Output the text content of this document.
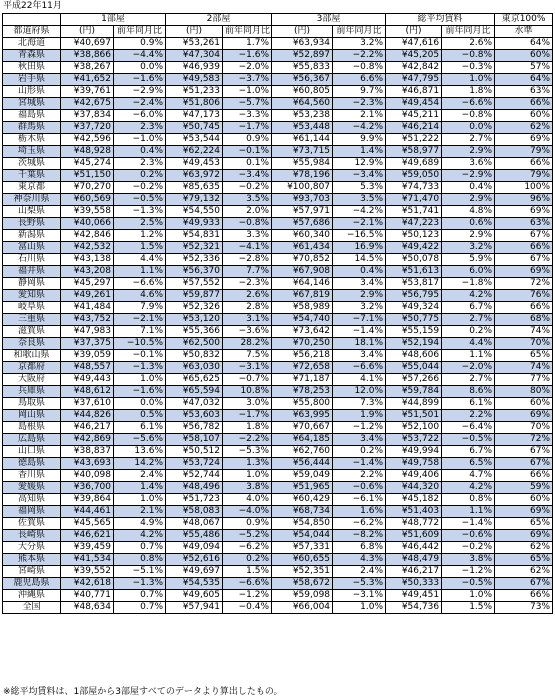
平成22年11月
	1部屋		2部屋		3部屋		総平均賃料		東京100%
都道府県	(円)	前年同月比	(円)	前年同月比	(円)	前年同月比	(円)	前年同月比	水準
北海道	¥40,697	0.9%	¥53,261	1.7%	¥63,934	3.2%	¥47,616	2.6%	64%
青森県	¥38,866	−4.4%	¥47,304	−1.6%	¥52,897	−2.2%	¥45,205	−0.8%	60%
秋田県	¥38,267	0.0%	¥46,939	−2.0%	¥55,833	−0.8%	¥42,842	−0.3%	57%
岩手県	¥41,652	−1.6%	¥49,583	−3.7%	¥56,367	6.6%	¥47,795	1.0%	64%
山形県	¥39,761	−2.9%	¥51,233	−1.0%	¥60,805	9.7%	¥46,871	1.8%	63%
宮城県	¥42,675	−2.4%	¥51,806	−5.7%	¥64,560	−2.3%	¥49,454	−6.6%	66%
福島県	¥37,834	−6.0%	¥47,173	−3.3%	¥53,238	2.1%	¥45,211	−0.8%	60%
群馬県	¥37,720	2.3%	¥50,745	−1.7%	¥53,448	−4.2%	¥46,214	0.0%	62%
栃木県	¥42,596	−1.0%	¥53,544	0.9%	¥61,144	9.9%	¥51,222	2.7%	69%
埼玉県	¥48,928	0.4%	¥62,224	−0.1%	¥73,715	1.4%	¥58,977	2.9%	79%
茨城県	¥45,274	2.3%	¥49,453	0.1%	¥55,984	12.9%	¥49,689	3.6%	66%
千葉県	¥51,150	0.2%	¥63,972	−3.4%	¥78,196	−3.4%	¥59,050	−2.9%	79%
東京都	¥70,270	−0.2%	¥85,635	−0.2%	¥100,807	5.3%	¥74,733	0.4%	100%
神奈川県	¥60,569	−0.5%	¥79,132	3.5%	¥93,703	3.5%	¥71,470	2.9%	96%
山梨県	¥39,558	−1.3%	¥54,550	2.0%	¥57,971	−4.2%	¥51,741	4.8%	69%
長野県	¥40,066	2.5%	¥49,933	−0.8%	¥57,686	−2.1%	¥47,223	0.6%	63%
新潟県	¥42,846	1.2%	¥54,831	3.3%	¥60,340	−16.5%	¥50,123	2.9%	67%
富山県	¥42,532	1.5%	¥52,321	−4.1%	¥61,434	16.9%	¥49,422	3.2%	66%
石川県	¥43,138	4.4%	¥52,336	−2.8%	¥70,852	14.5%	¥50,078	5.9%	67%
福井県	¥43,208	1.1%	¥56,370	7.7%	¥67,908	0.4%	¥51,613	6.0%	69%
静岡県	¥45,297	−6.6%	¥57,552	−2.3%	¥64,146	3.4%	¥53,817	−1.8%	72%
愛知県	¥49,261	4.6%	¥59,877	2.6%	¥67,819	2.9%	¥56,795	4.2%	76%
岐阜県	¥41,484	7.9%	¥52,326	2.8%	¥58,989	3.2%	¥49,324	6.7%	66%
三重県	¥43,752	−2.1%	¥53,120	3.1%	¥54,740	−7.1%	¥50,775	2.7%	68%
滋賀県	¥47,983	7.1%	¥55,366	−3.6%	¥73,642	−1.4%	¥55,159	0.2%	74%
奈良県	¥37,375	−10.5%	¥62,500	28.2%	¥70,250	18.1%	¥52,194	4.4%	70%
和歌山県	¥39,059	−0.1%	¥50,832	7.5%	¥56,218	3.4%	¥48,606	1.1%	65%
京都府	¥48,557	−1.3%	¥63,030	−3.1%	¥72,658	−6.6%	¥55,044	−2.0%	74%
大阪府	¥49,443	1.0%	¥65,625	−0.7%	¥71,187	4.1%	¥57,266	2.7%	77%
兵庫県	¥48,612	−1.6%	¥65,594	10.8%	¥78,253	12.0%	¥59,784	8.6%	80%
鳥取県	¥37,610	0.0%	¥47,032	3.0%	¥55,800	7.3%	¥44,899	6.1%	60%
岡山県	¥44,826	0.5%	¥53,603	−1.7%	¥63,995	1.9%	¥51,501	2.2%	69%
島根県	¥46,217	6.1%	¥56,782	1.8%	¥70,667	−1.2%	¥52,100	−6.4%	70%
広島県	¥42,869	−5.6%	¥58,107	−2.2%	¥64,185	3.4%	¥53,722	−0.5%	72%
山口県	¥38,837	13.6%	¥50,512	−5.3%	¥62,760	0.2%	¥49,994	6.7%	67%
徳島県	¥43,693	14.2%	¥53,724	1.3%	¥56,444	−1.4%	¥49,758	6.5%	67%
香川県	¥40,098	2.4%	¥52,744	1.0%	¥59,049	2.2%	¥49,406	4.7%	66%
愛媛県	¥36,700	1.4%	¥48,496	3.8%	¥51,965	−0.6%	¥44,320	4.2%	59%
高知県	¥39,864	1.0%	¥51,723	4.0%	¥60,429	−6.1%	¥45,182	0.8%	60%
福岡県	¥44,461	2.1%	¥58,083	−4.0%	¥68,734	1.6%	¥51,403	1.1%	69%
佐賀県	¥45,565	4.9%	¥48,067	0.9%	¥54,850	−6.2%	¥48,772	−1.4%	65%
長崎県	¥46,621	4.2%	¥55,486	−5.2%	¥54,044	−8.2%	¥51,609	−0.6%	69%
大分県	¥39,459	0.7%	¥49,094	−6.2%	¥57,331	6.8%	¥46,442	−0.2%	62%
熊本県	¥41,534	0.8%	¥52,616	0.2%	¥60,655	4.3%	¥48,479	3.8%	65%
宮崎県	¥39,552	−5.1%	¥49,697	1.5%	¥52,351	2.4%	¥46,217	−1.2%	62%
鹿児島県	¥42,618	−1.3%	¥54,535	−6.6%	¥58,672	−5.3%	¥50,333	−0.5%	67%
沖縄県	¥40,771	0.7%	¥49,605	−1.2%	¥59,098	−3.1%	¥49,451	1.0%	66%
全国	¥48,634	0.7%	¥57,941	−0.4%	¥66,004	1.0%	¥54,736	1.5%	73%
※総平均賃料は、1部屋から3部屋すべてのデータより算出したもの。
